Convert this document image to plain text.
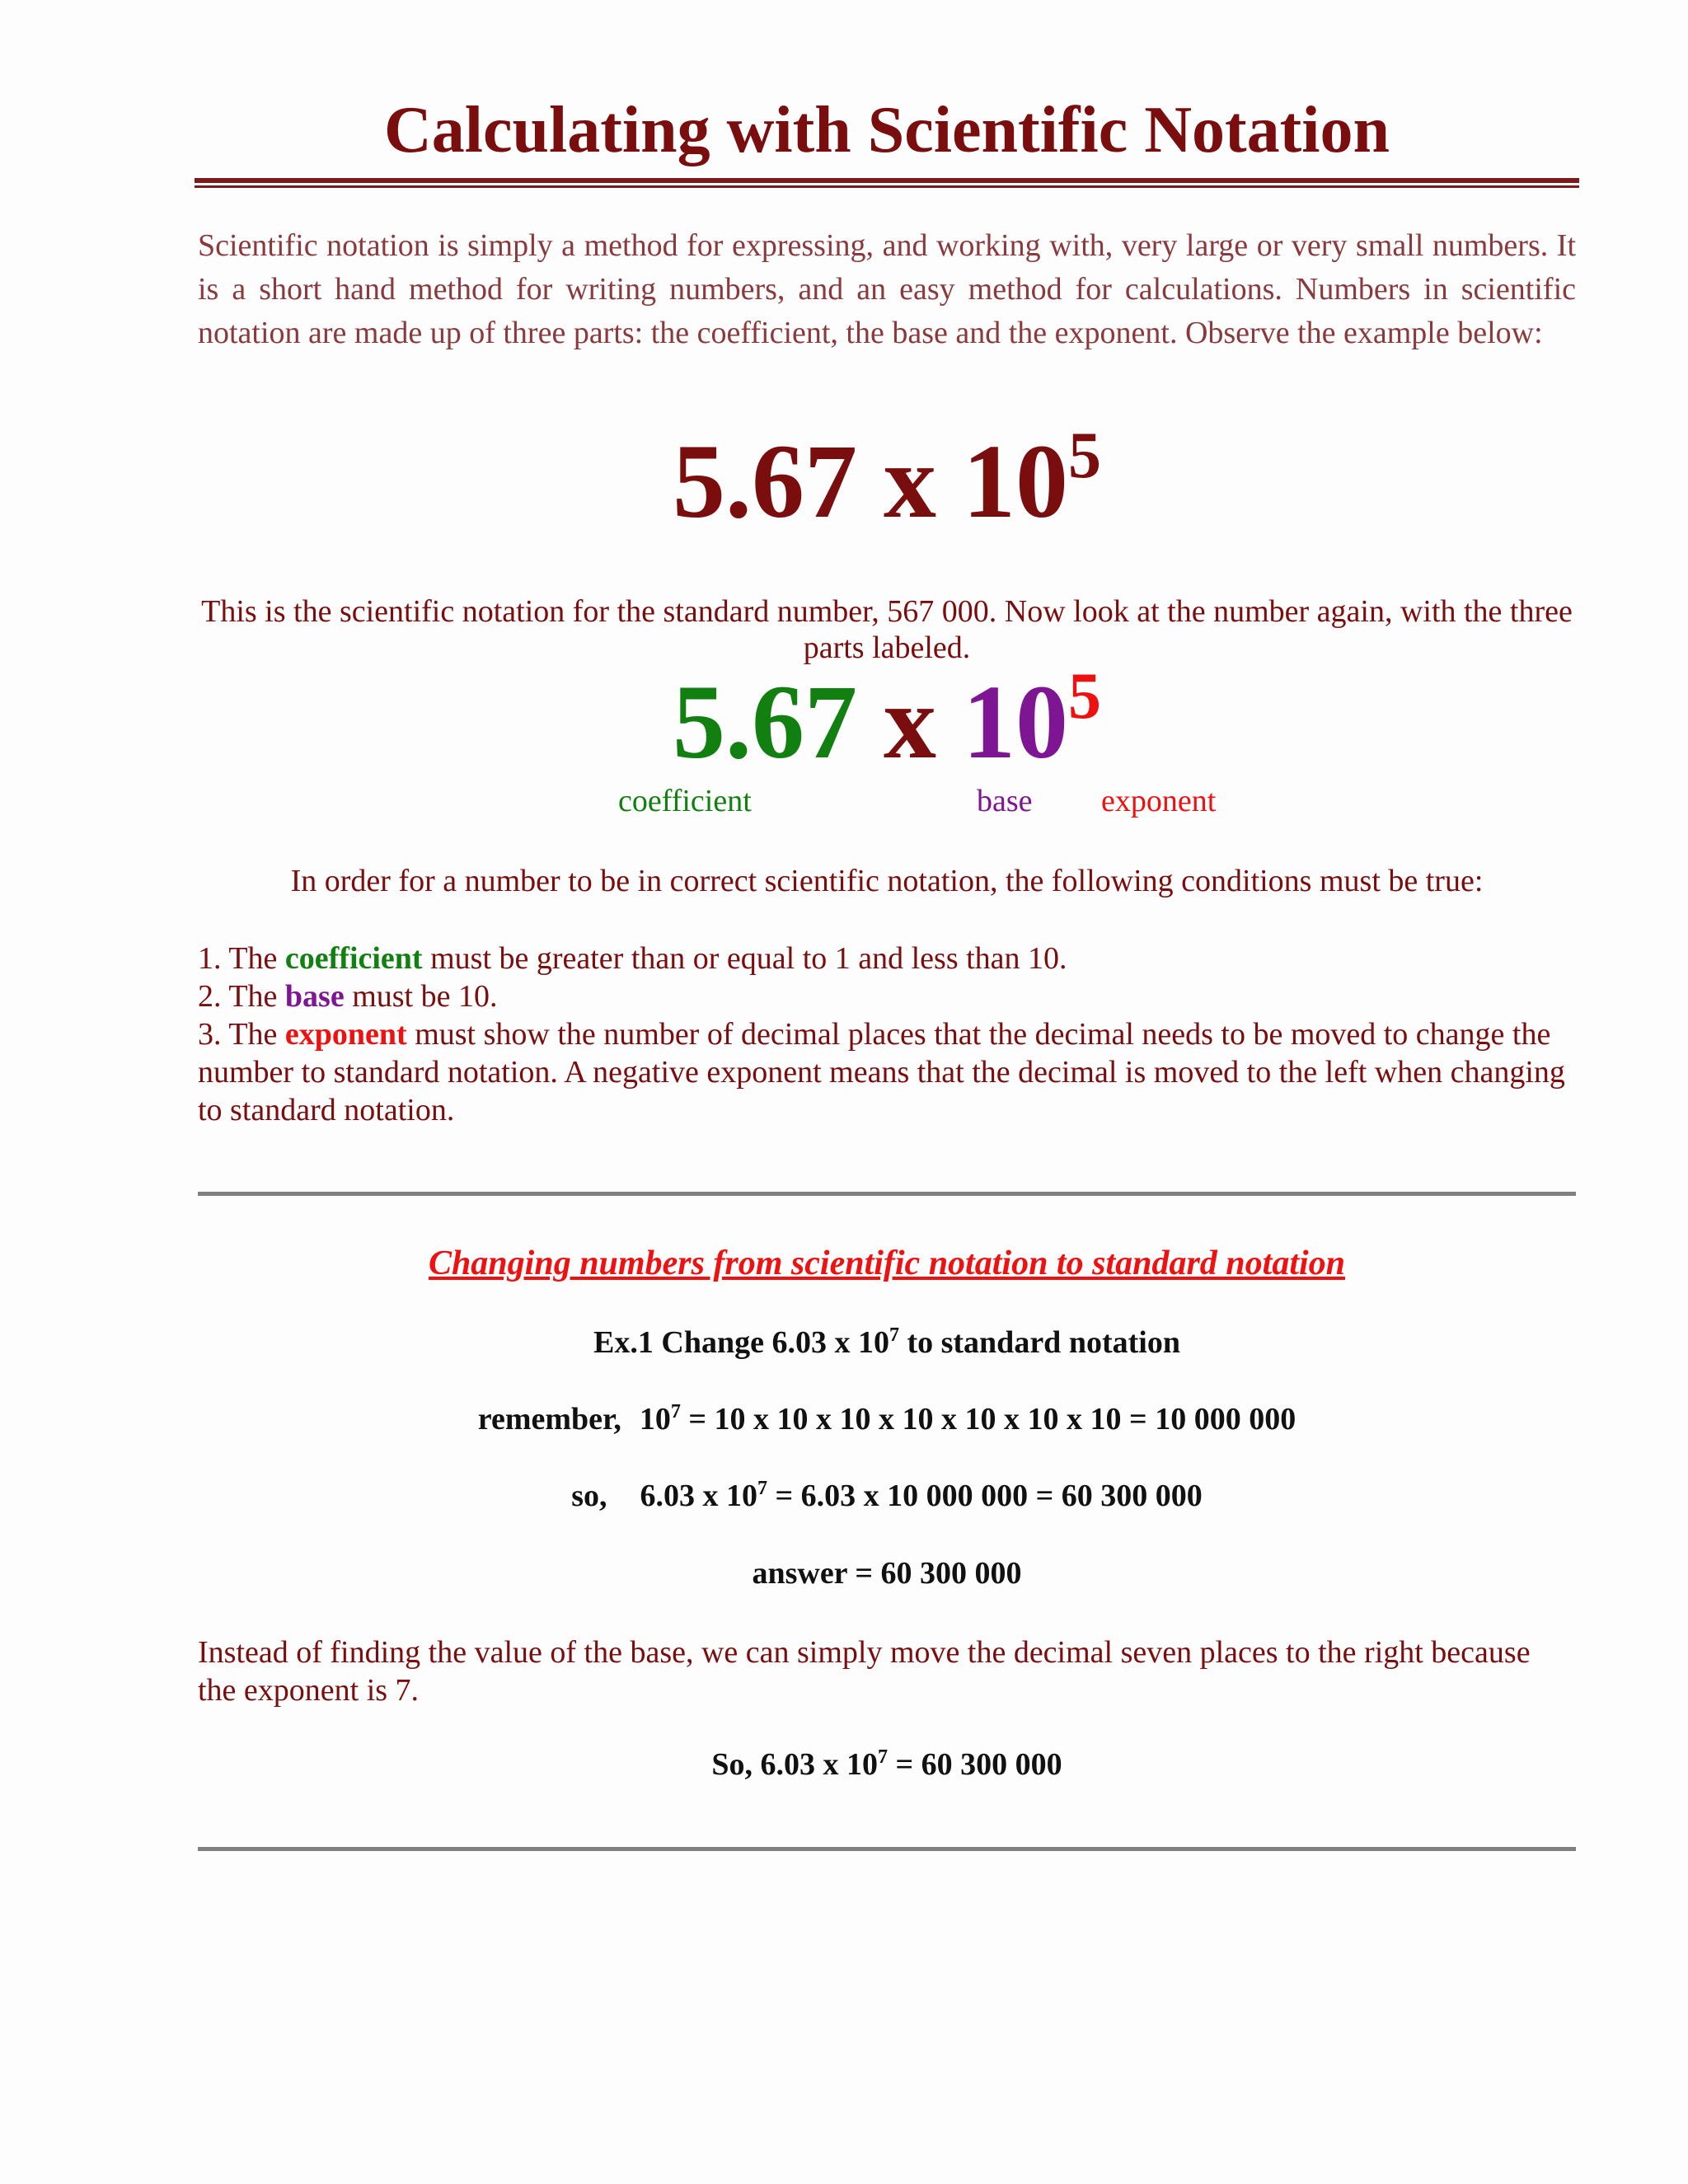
Calculating with Scientific Notation

Scientific notation is simply a method for expressing, and working with, very large or very small numbers. It is a short hand method for writing numbers, and an easy method for calculations. Numbers in scientific notation are made up of three parts: the coefficient, the base and the exponent. Observe the example below:

5.67 x $10^5$

This is the scientific notation for the standard number, 567 000. Now look at the number again, with the three parts labeled.

5.67 x $10^5$
coefficient	base exponent

In order for a number to be in correct scientific notation, the following conditions must be true:

1. The coefficient must be greater than or equal to 1 and less than 10.
2. The base must be 10.
3. The exponent must show the number of decimal places that the decimal needs to be moved to change the number to standard notation. A negative exponent means that the decimal is moved to the left when changing to standard notation.
Changing numbers from scientific notation to standard notation
Ex.1 Change 6.03 x $10^7$ to standard notation
remember, $10^7 = 10$ x 10 x 10 x 10 x 10 x 10 x 10 = 10 000 000
so, 6.03 x $10^7 = 6.03$ x 10 000 000 = 60 300 000
answer = 60 300 000

Instead of finding the value of the base, we can simply move the decimal seven places to the right because the exponent is 7.

So, 6.03 x $10^7 = 60$ 300 000
